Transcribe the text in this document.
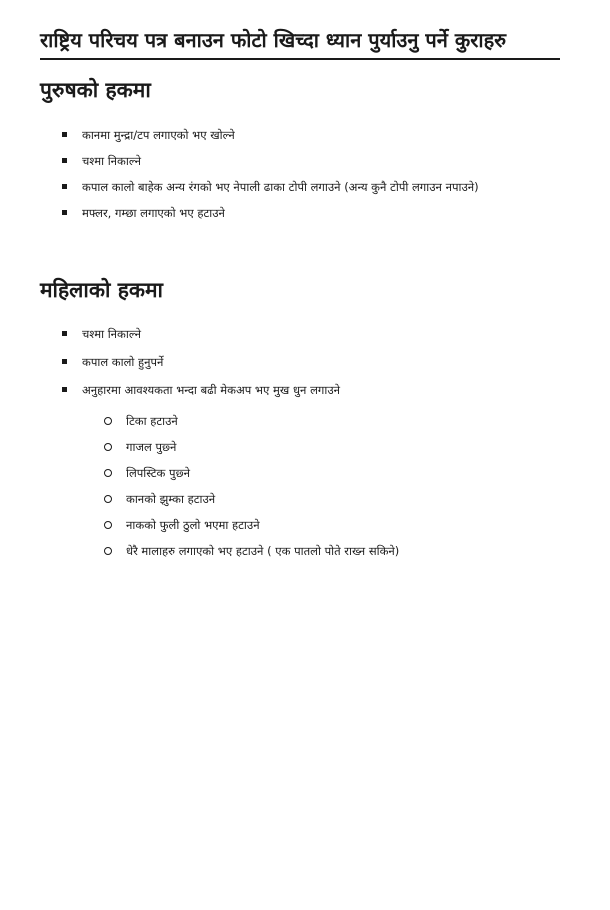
राष्ट्रिय परिचय पत्र बनाउन फोटो खिच्दा ध्यान पुर्याउनु पर्ने कुराहरु
पुरुषको हकमा
कानमा मुन्द्रा/टप लगाएको भए खोल्ने
चश्मा निकाल्ने
कपाल कालो बाहेक अन्य रंगको भए नेपाली ढाका टोपी लगाउने (अन्य कुनै टोपी लगाउन नपाउने)
मफ्लर, गम्छा लगाएको भए हटाउने
महिलाको हकमा
चश्मा निकाल्ने
कपाल कालो हुनुपर्ने
अनुहारमा आवश्यकता भन्दा बढी मेकअप भए मुख धुन लगाउने
टिका हटाउने
गाजल पुछ्ने
लिपस्टिक पुछ्ने
कानको झुम्का हटाउने
नाकको फुली ठुलो भएमा हटाउने
धेरै मालाहरु लगाएको भए हटाउने ( एक पातलो पोते राख्न सकिने)
